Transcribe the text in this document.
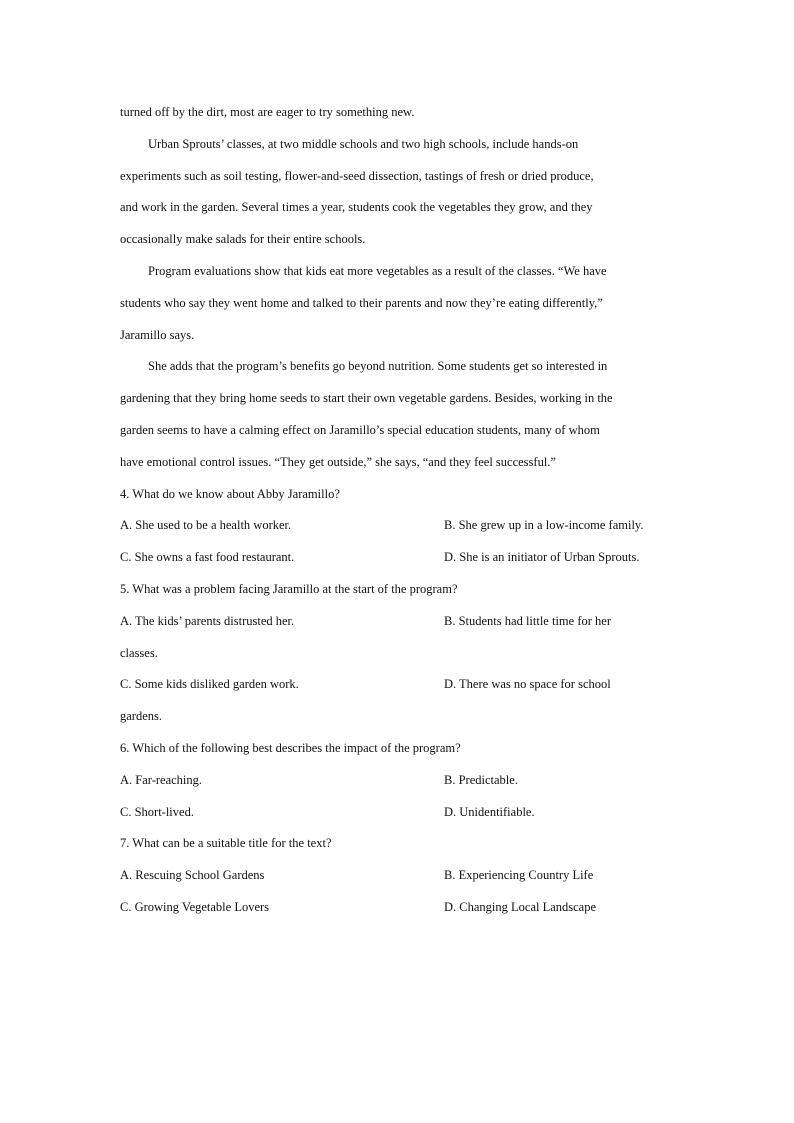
turned off by the dirt, most are eager to try something new.

Urban Sprouts’ classes, at two middle schools and two high schools, include hands-on

experiments such as soil testing, flower-and-seed dissection, tastings of fresh or dried produce,

and work in the garden. Several times a year, students cook the vegetables they grow, and they

occasionally make salads for their entire schools.

Program evaluations show that kids eat more vegetables as a result of the classes. “We have

students who say they went home and talked to their parents and now they’re eating differently,”

Jaramillo says.

She adds that the program’s benefits go beyond nutrition. Some students get so interested in

gardening that they bring home seeds to start their own vegetable gardens. Besides, working in the

garden seems to have a calming effect on Jaramillo’s special education students, many of whom

have emotional control issues. “They get outside,” she says, “and they feel successful.”

4. What do we know about Abby Jaramillo?

A. She used to be a health worker.	B. She grew up in a low-income family.

C. She owns a fast food restaurant.	D. She is an initiator of Urban Sprouts.

5. What was a problem facing Jaramillo at the start of the program?

A. The kids’ parents distrusted her.	B. Students had little time for her

classes.

C. Some kids disliked garden work.	D. There was no space for school

gardens.

6. Which of the following best describes the impact of the program?

A. Far-reaching.	B. Predictable.

C. Short-lived.	D. Unidentifiable.

7. What can be a suitable title for the text?

A. Rescuing School Gardens	B. Experiencing Country Life

C. Growing Vegetable Lovers	D. Changing Local Landscape
